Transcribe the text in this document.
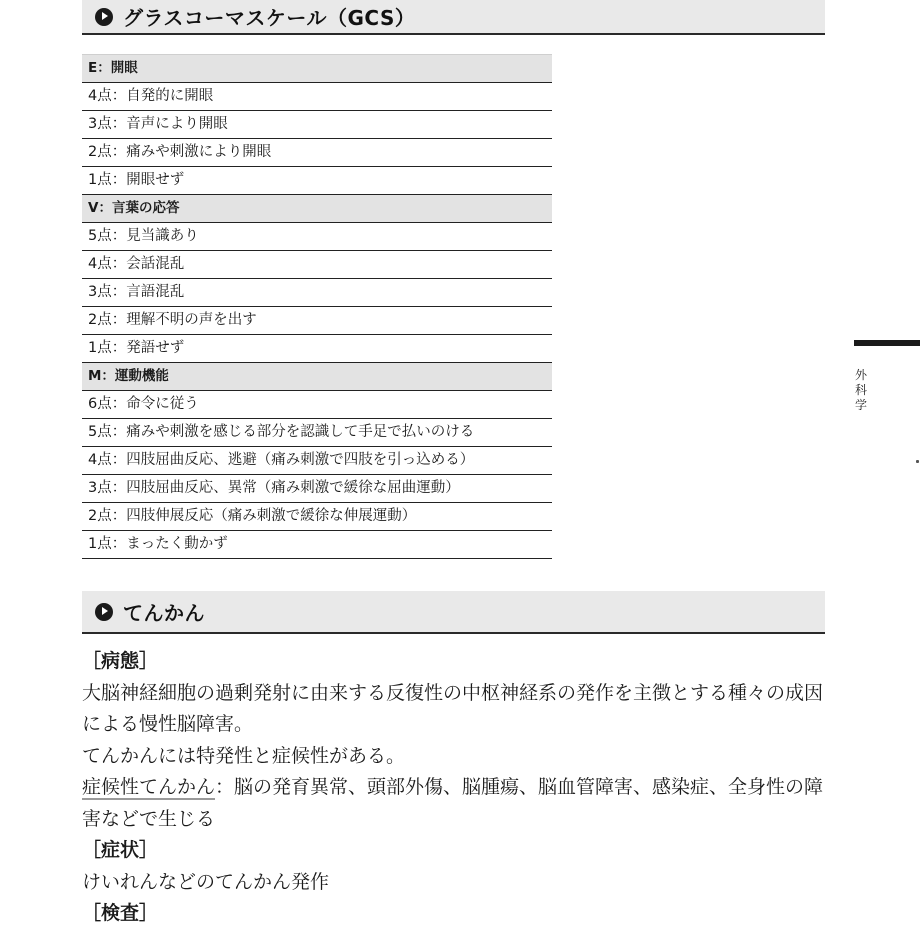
グラスコーマスケール（GCS）
E：開眼
4点：自発的に開眼
3点：音声により開眼
2点：痛みや刺激により開眼
1点：開眼せず
V：言葉の応答
5点：見当識あり
4点：会話混乱
3点：言語混乱
2点：理解不明の声を出す
1点：発語せず
M：運動機能
6点：命令に従う
5点：痛みや刺激を感じる部分を認識して手足で払いのける
4点：四肢屈曲反応、逃避（痛み刺激で四肢を引っ込める）
3点：四肢屈曲反応、異常（痛み刺激で緩徐な屈曲運動）
2点：四肢伸展反応（痛み刺激で緩徐な伸展運動）
1点：まったく動かず
てんかん

［病態］

大脳神経細胞の過剰発射に由来する反復性の中枢神経系の発作を主徴とする種々の成因による慢性脳障害。

てんかんには特発性と症候性がある。

症候性てんかん：脳の発育異常、頭部外傷、脳腫瘍、脳血管障害、感染症、全身性の障害などで生じる

［症状］

けいれんなどのてんかん発作

［検査］

外科学
